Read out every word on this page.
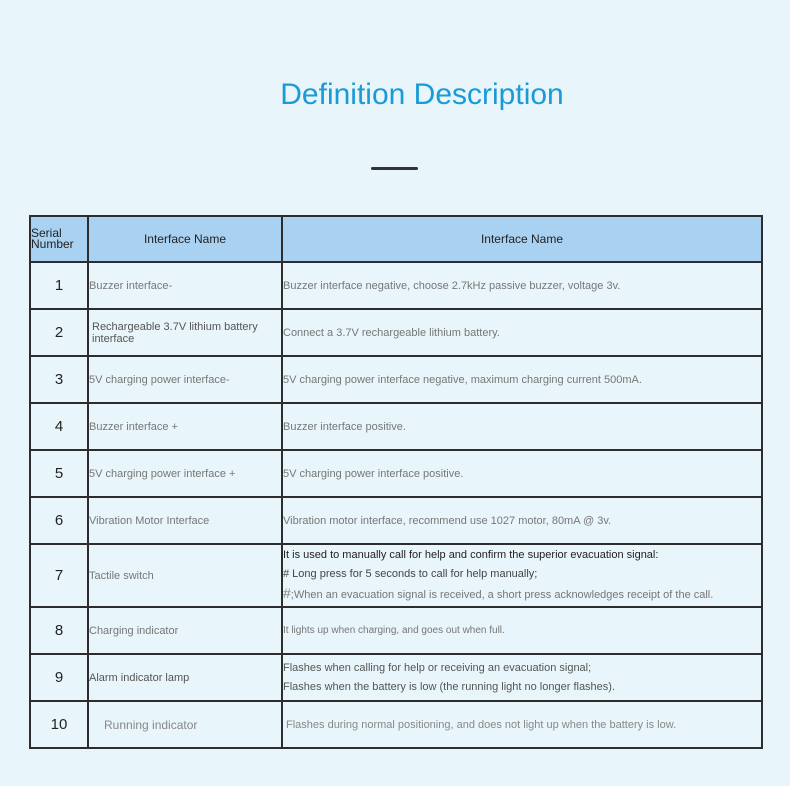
Definition Description
Serial
Number	Interface Name	Interface Name
1	Buzzer interface-	Buzzer interface negative, choose 2.7kHz passive buzzer, voltage 3v.
2	Rechargeable 3.7V lithium battery interface	Connect a 3.7V rechargeable lithium battery.
3	5V charging power interface-	5V charging power interface negative, maximum charging current 500mA.
4	Buzzer interface +	Buzzer interface positive.
5	5V charging power interface +	5V charging power interface positive.
6	Vibration Motor Interface	Vibration motor interface, recommend use 1027 motor, 80mA @ 3v.
7	Tactile switch	It is used to manually call for help and confirm the superior evacuation signal:
# Long press for 5 seconds to call for help manually;
#;When an evacuation signal is received, a short press acknowledges receipt of the call.

8	Charging indicator	It lights up when charging, and goes out when full.
9	Alarm indicator lamp	Flashes when calling for help or receiving an evacuation signal;
Flashes when the battery is low (the running light no longer flashes).

10	Running indicator	Flashes during normal positioning, and does not light up when the battery is low.
